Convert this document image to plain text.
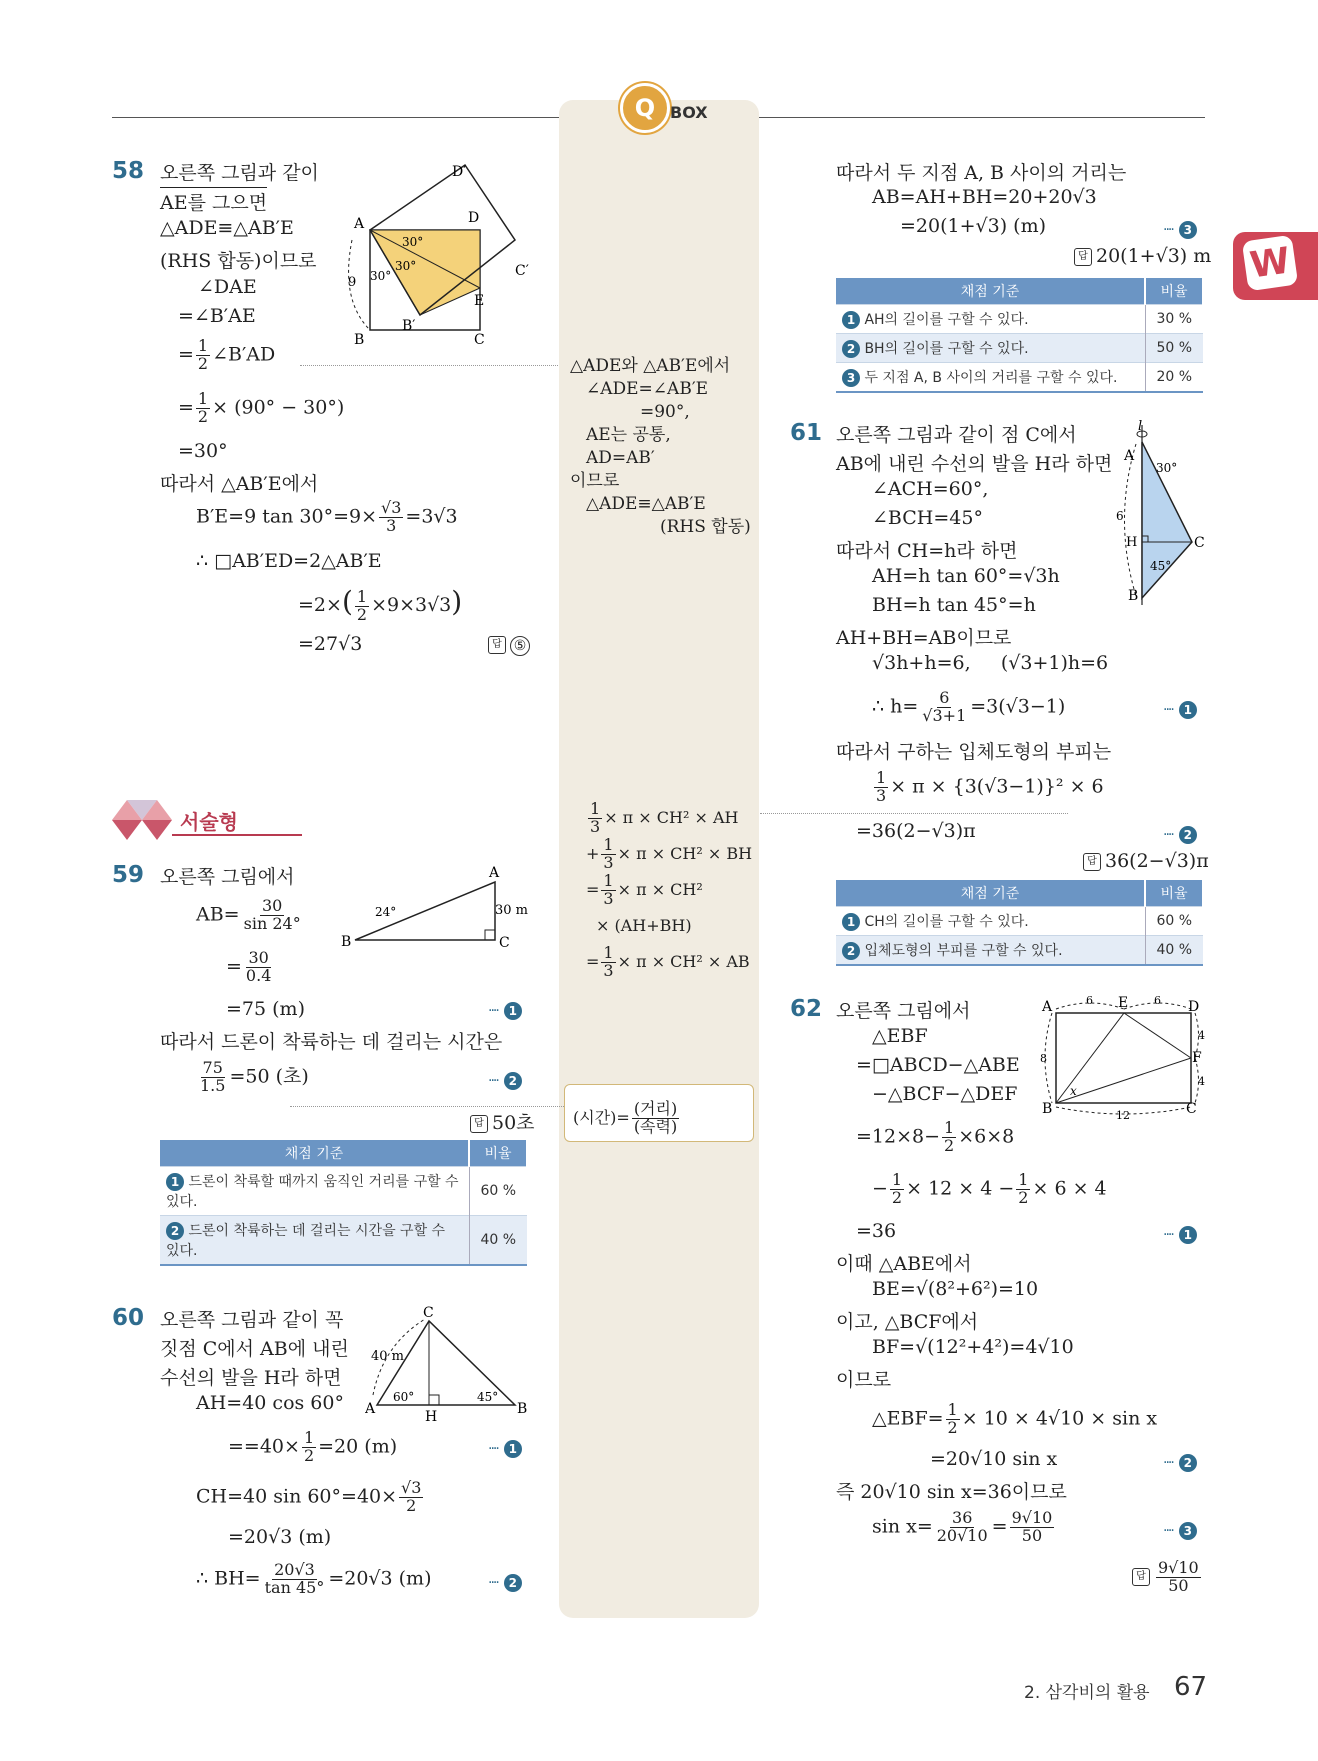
Q BOX
W
58 오른쪽 그림과 같이
AE를 그으면
△ADE≡△AB′E
(RHS 합동)이므로
∠DAE
=∠B′AE
= $\frac{1}{2}$ ∠B′AD
= $\frac{1}{2} \times (90^\circ - 30^\circ)$
=30°
따라서 △AB′E에서
B′E=9 $\tan 30^\circ=9\times \frac{√3}{3} =3√3$
∴ □AB′ED=2△AB′E
$=2\times( \frac{1}{2} \times 9\times 3√3)$
=27√3	답 ⑤
A
B	C
D
E
B′
C′
D′
30°
30°
30°
9
△ADE와 △AB′E에서
∠ADE=∠AB′E
=90°,
AE는 공통,
AD=AB′
이므로
△ADE≡△AB′E
(RHS 합동)
$\frac{1}{3} \times \pi \times CH^2$ × AH
+ $\frac{1}{3} \times \pi \times CH^2$ × BH
= $\frac{1}{3} \times \pi \times CH^2$
× (AH+BH)
= $\frac{1}{3} \times \pi \times CH^2$ × AB
(시간)= $\frac{\text{(거리)}}{\text{(속력)}}$
서술형
59 오른쪽 그림에서
$AB= \frac{30}{\sin 24^\circ}$
= $\frac{30}{0.4}$
=75 (m)	···· 1
따라서 드론이 착륙하는 데 걸리는 시간은
$\frac{75}{1.5} =50$ (초)	···· 2
답 50초
A
B	C
24°	30 m
채점 기준	비율
1 드론이 착륙할 때까지 움직인 거리를 구할 수 있다.	60 %
2 드론이 착륙하는 데 걸리는 시간을 구할 수 있다.	40 %
60 오른쪽 그림과 같이 꼭
짓점 C에서 AB에 내린
수선의 발을 H라 하면
AH=40 cos 60°
$==40\times \frac{1}{2} =20$ (m)	···· 1
CH=40 $\sin 60^\circ=40\times \frac{√3}{2}$
=20√3 (m)
∴ $BH= \frac{20√3}{\tan 45^\circ} =20√3$ (m)	···· 2
C
A	B
H
40 m
60°	45°
따라서 두 지점 A, B 사이의 거리는
AB=AH+BH=20+20√3
=20(1+√3) (m)	···· 3
답 20(1+√3) m
채점 기준	비율
1 AH의 길이를 구할 수 있다.	30 %
2 BH의 길이를 구할 수 있다.	50 %
3 두 지점 A, B 사이의 거리를 구할 수 있다.	20 %
61 오른쪽 그림과 같이 점 C에서
AB에 내린 수선의 발을 H라 하면
∠ACH=60°,
∠BCH=45°
따라서 CH=h라 하면
AH=h tan 60°=√3h
BH=h tan 45°=h
AH+BH=AB이므로
√3h+h=6, (√3+1)h=6
∴ $h= \frac{6}{√3+1} =3(√3-1)$	···· 1
따라서 구하는 입체도형의 부피는
$\frac{1}{3} \times \pi \times \{3(√3-1)\}^2 \times 6$
=36(2−√3)π	···· 2
답 36(2−√3)π
l
A
B
C
H
30°
45°
6
채점 기준	비율
1 CH의 길이를 구할 수 있다.	60 %
2 입체도형의 부피를 구할 수 있다.	40 %
62 오른쪽 그림에서
△EBF
=□ABCD−△ABE
−△BCF−△DEF
$=12\times 8- \frac{1}{2} \times 6\times 8$
− $\frac{1}{2} \times 12 \times 4 - \frac{1}{2} \times 6 \times 4$
=36	···· 1
이때 △ABE에서
BE=√(8²+6²)=10
이고, △BCF에서
BF=√(12²+4²)=4√10
이므로
△EBF= $\frac{1}{2} \times 10 \times 4√10 \times \sin x$
=20√10 sin x	···· 2
즉 20√10 sin x=36이므로
$\sin x= \frac{36}{20√10} = \frac{9√10}{50}$	···· 3
답 $\frac{9√10}{50}$
A
B	C
D
E
F
x
6	6
8
12
4
4
2. 삼각비의 활용 67
